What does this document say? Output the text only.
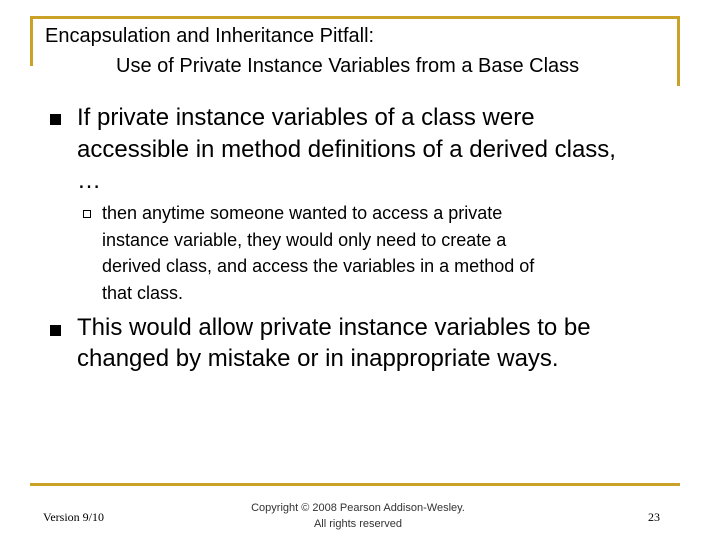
Encapsulation and Inheritance Pitfall:
Use of Private Instance Variables from a Base Class
If private instance variables of a class were
accessible in method definitions of a derived class,
…
then anytime someone wanted to access a private
instance variable, they would only need to create a
derived class, and access the variables in a method of
that class.
This would allow private instance variables to be
changed by mistake or in inappropriate ways.
Version 9/10
Copyright © 2008 Pearson Addison-Wesley.
All rights reserved	23
